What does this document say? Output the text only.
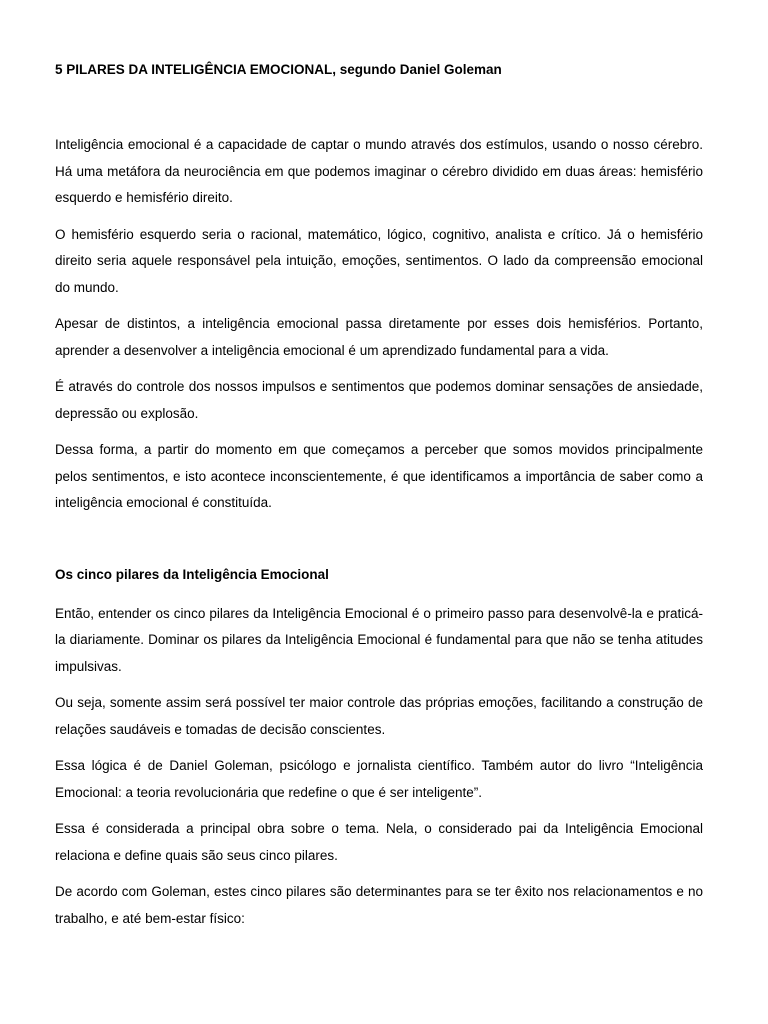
5 PILARES DA INTELIGÊNCIA EMOCIONAL, segundo Daniel Goleman

Inteligência emocional é a capacidade de captar o mundo através dos estímulos, usando o nosso cérebro. Há uma metáfora da neurociência em que podemos imaginar o cérebro dividido em duas áreas: hemisfério esquerdo e hemisfério direito.

O hemisfério esquerdo seria o racional, matemático, lógico, cognitivo, analista e crítico. Já o hemisfério direito seria aquele responsável pela intuição, emoções, sentimentos. O lado da compreensão emocional do mundo.

Apesar de distintos, a inteligência emocional passa diretamente por esses dois hemisférios. Portanto, aprender a desenvolver a inteligência emocional é um aprendizado fundamental para a vida.

É através do controle dos nossos impulsos e sentimentos que podemos dominar sensações de ansiedade, depressão ou explosão.

Dessa forma, a partir do momento em que começamos a perceber que somos movidos principalmente pelos sentimentos, e isto acontece inconscientemente, é que identificamos a importância de saber como a inteligência emocional é constituída.

Os cinco pilares da Inteligência Emocional

Então, entender os cinco pilares da Inteligência Emocional é o primeiro passo para desenvolvê-la e praticá-la diariamente. Dominar os pilares da Inteligência Emocional é fundamental para que não se tenha atitudes impulsivas.

Ou seja, somente assim será possível ter maior controle das próprias emoções, facilitando a construção de relações saudáveis e tomadas de decisão conscientes.

Essa lógica é de Daniel Goleman, psicólogo e jornalista científico. Também autor do livro “Inteligência Emocional: a teoria revolucionária que redefine o que é ser inteligente”.

Essa é considerada a principal obra sobre o tema. Nela, o considerado pai da Inteligência Emocional relaciona e define quais são seus cinco pilares.

De acordo com Goleman, estes cinco pilares são determinantes para se ter êxito nos relacionamentos e no trabalho, e até bem-estar físico:
